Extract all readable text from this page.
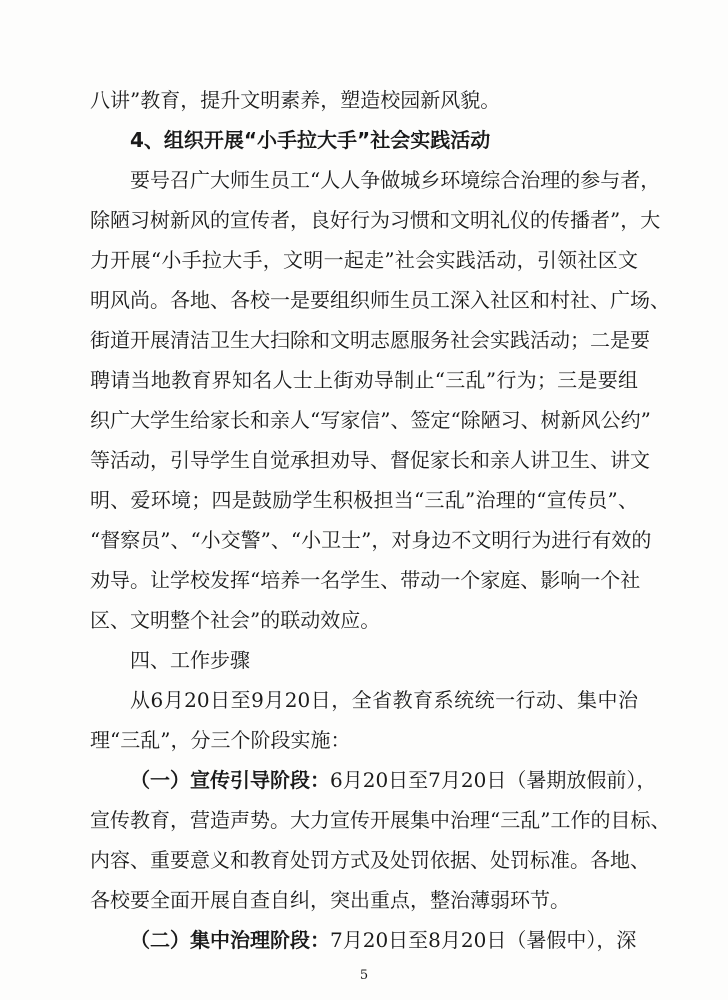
八讲”教育，提升文明素养，塑造校园新风貌。
4、组织开展“小手拉大手”社会实践活动
要号召广大师生员工“人人争做城乡环境综合治理的参与者，
除陋习树新风的宣传者，良好行为习惯和文明礼仪的传播者”，大
力开展“小手拉大手，文明一起走”社会实践活动，引领社区文
明风尚。各地、各校一是要组织师生员工深入社区和村社、广场、
街道开展清洁卫生大扫除和文明志愿服务社会实践活动；二是要
聘请当地教育界知名人士上街劝导制止“三乱”行为；三是要组
织广大学生给家长和亲人“写家信”、签定“除陋习、树新风公约”
等活动，引导学生自觉承担劝导、督促家长和亲人讲卫生、讲文
明、爱环境；四是鼓励学生积极担当“三乱”治理的“宣传员”、
“督察员”、“小交警”、“小卫士”，对身边不文明行为进行有效的
劝导。让学校发挥“培养一名学生、带动一个家庭、影响一个社
区、文明整个社会”的联动效应。
四、工作步骤
从6月20日至9月20日，全省教育系统统一行动、集中治
理“三乱”，分三个阶段实施：
（一）宣传引导阶段：6月20日至7月20日（暑期放假前），
宣传教育，营造声势。大力宣传开展集中治理“三乱”工作的目标、
内容、重要意义和教育处罚方式及处罚依据、处罚标准。各地、
各校要全面开展自查自纠，突出重点，整治薄弱环节。
（二）集中治理阶段：7月20日至8月20日（暑假中），深
5
